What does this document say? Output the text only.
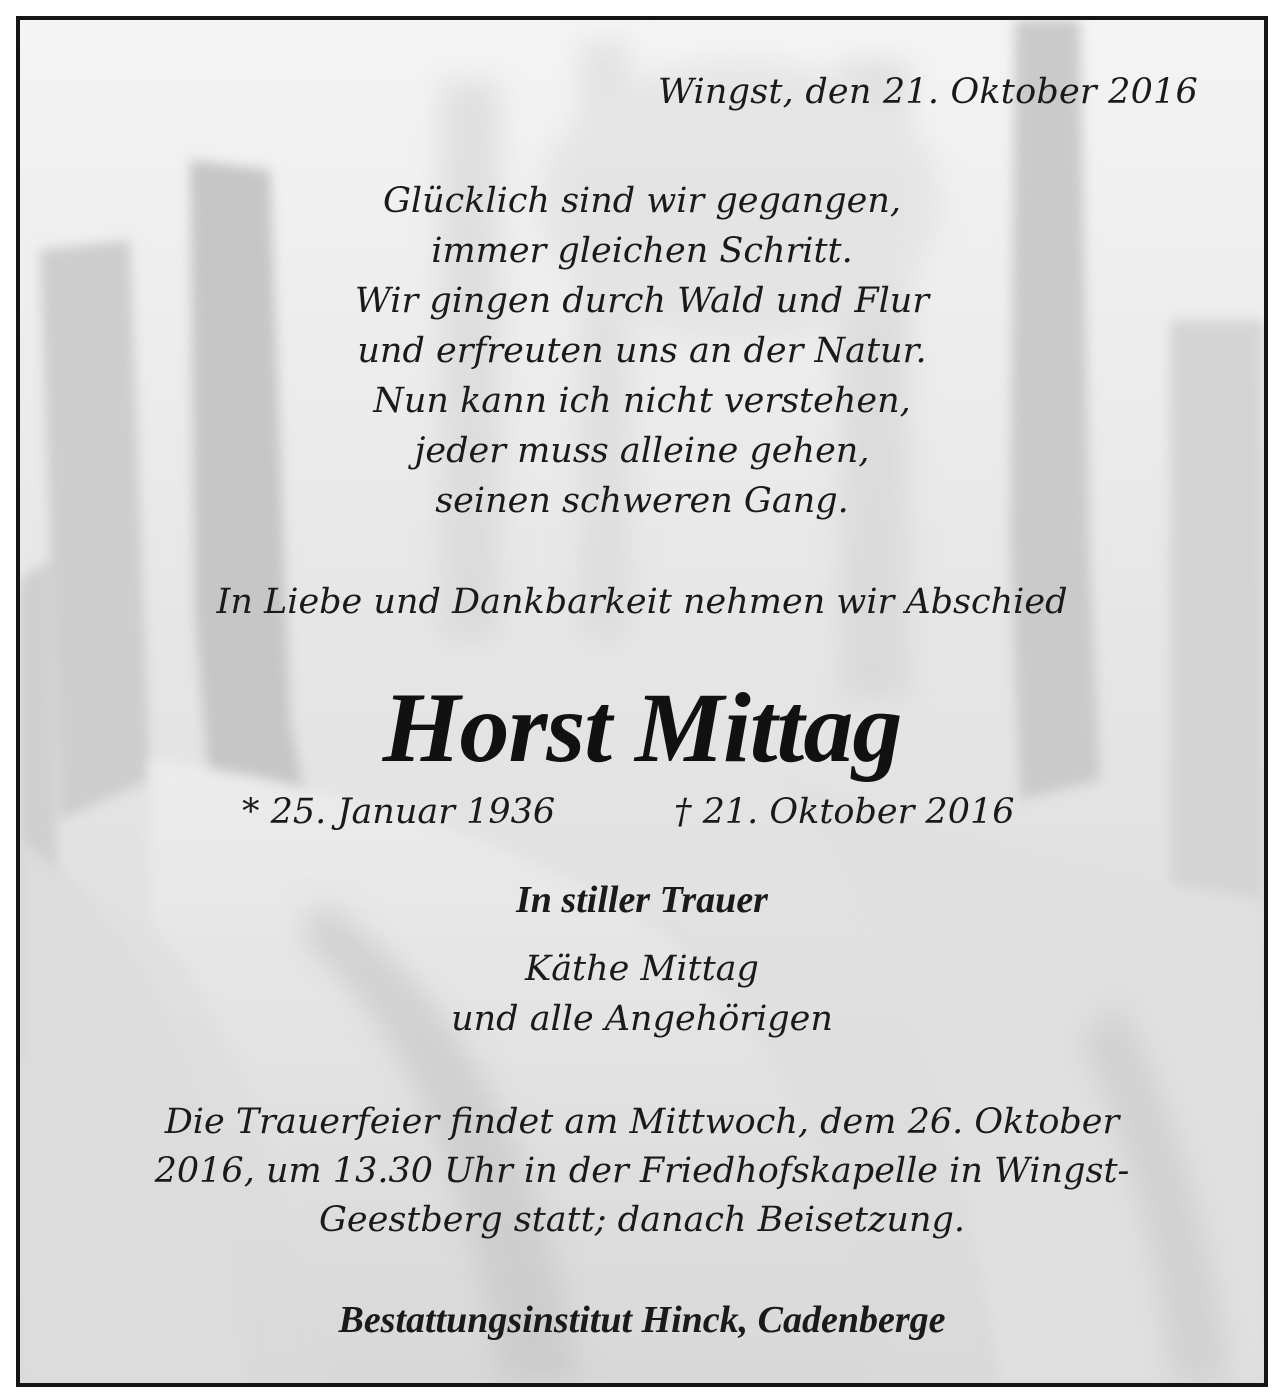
Wingst, den 21. Oktober 2016
Glücklich sind wir gegangen,
immer gleichen Schritt.
Wir gingen durch Wald und Flur
und erfreuten uns an der Natur.
Nun kann ich nicht verstehen,
jeder muss alleine gehen,
seinen schweren Gang.
In Liebe und Dankbarkeit nehmen wir Abschied
Horst Mittag
* 25. Januar 1936	† 21. Oktober 2016
In stiller Trauer
Käthe Mittag
und alle Angehörigen
Die Trauerfeier findet am Mittwoch, dem 26. Oktober
2016, um 13.30 Uhr in der Friedhofskapelle in Wingst-
Geestberg statt; danach Beisetzung.
Bestattungsinstitut Hinck, Cadenberge
